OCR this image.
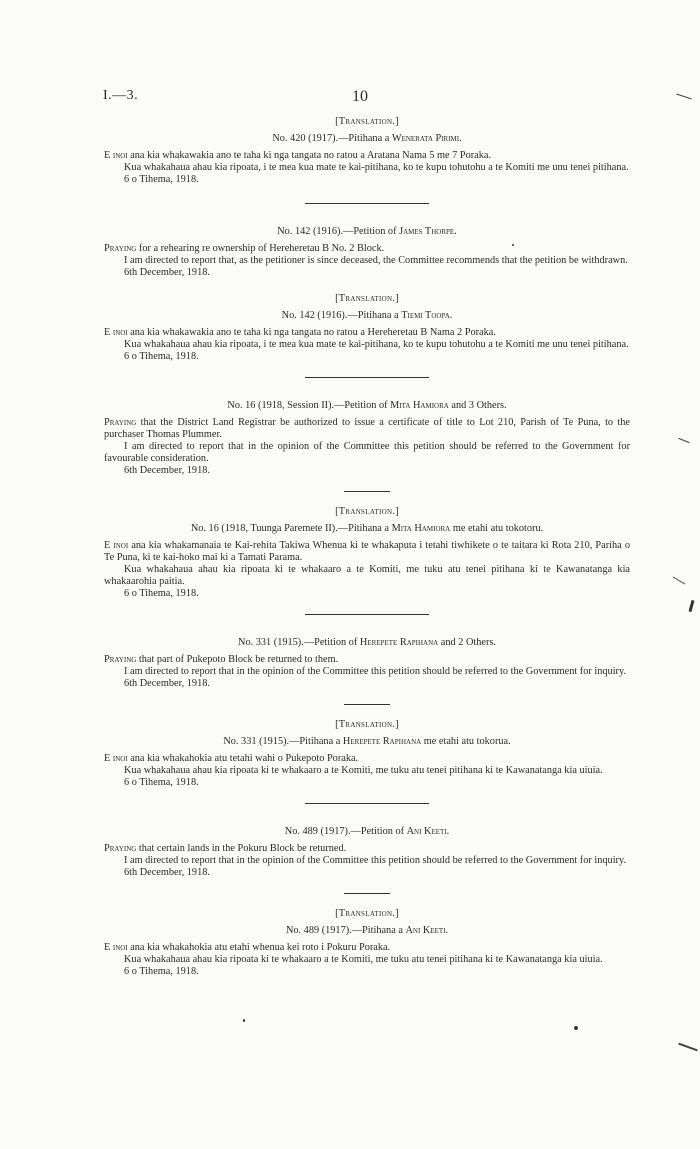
I.—3.	10

[Translation.]

No. 420 (1917).—Pitihana a Wenerata Pirimi.

E inoi ana kia whakawakia ano te taha ki nga tangata no ratou a Aratana Nama 5 me 7 Poraka.

Kua whakahaua ahau kia ripoata, i te mea kua mate te kai-pitihana, ko te kupu tohutohu a te Komiti me unu tenei pitihana.

6 o Tihema, 1918.

No. 142 (1916).—Petition of James Thorpe.

Praying for a rehearing re ownership of Hereheretau B No. 2 Block.

I am directed to report that, as the petitioner is since deceased, the Committee recommends that the petition be withdrawn.

6th December, 1918.

[Translation.]

No. 142 (1916).—Pitihana a Tiemi Toopa.

E inoi ana kia whakawakia ano te taha ki nga tangata no ratou a Hereheretau B Nama 2 Poraka.

Kua whakahaua ahau kia ripoata, i te mea kua mate te kai-pitihana, ko te kupu tohutohu a te Komiti me unu tenei pitihana.

6 o Tihema, 1918.

No. 16 (1918, Session II).—Petition of Mita Hamiora and 3 Others.

Praying that the District Land Registrar be authorized to issue a certificate of title to Lot 210, Parish of Te Puna, to the purchaser Thomas Plummer.

I am directed to report that in the opinion of the Committee this petition should be referred to the Government for favourable consideration.

6th December, 1918.

[Translation.]

No. 16 (1918, Tuunga Paremete II).—Pitihana a Mita Hamiora me etahi atu tokotoru.

E inoi ana kia whakamanaia te Kai-rehita Takiwa Whenua ki te whakaputa i tetahi tiwhikete o te taitara ki Rota 210, Pariha o Te Puna, ki te kai-hoko mai ki a Tamati Parama.

Kua whakahaua ahau kia ripoata ki te whakaaro a te Komiti, me tuku atu tenei pitihana ki te Kawanatanga kia whakaarohia paitia.

6 o Tihema, 1918.

No. 331 (1915).—Petition of Herepete Rapihana and 2 Others.

Praying that part of Pukepoto Block be returned to them.

I am directed to report that in the opinion of the Committee this petition should be referred to the Government for inquiry.

6th December, 1918.

[Translation.]

No. 331 (1915).—Pitihana a Herepete Rapihana me etahi atu tokorua.

E inoi ana kia whakahokia atu tetahi wahi o Pukepoto Poraka.

Kua whakahaua ahau kia ripoata ki te whakaaro a te Komiti, me tuku atu tenei pitihana ki te Kawanatanga kia uiuia.

6 o Tihema, 1918.

No. 489 (1917).—Petition of Ani Keeti.

Praying that certain lands in the Pokuru Block be returned.

I am directed to report that in the opinion of the Committee this petition should be referred to the Government for inquiry.

6th December, 1918.

[Translation.]

No. 489 (1917).—Pitihana a Ani Keeti.

E inoi ana kia whakahokia atu etahi whenua kei roto i Pokuru Poraka.

Kua whakahaua ahau kia ripoata ki te whakaaro a te Komiti, me tuku atu tenei pitihana ki te Kawanatanga kia uiuia.

6 o Tihema, 1918.
